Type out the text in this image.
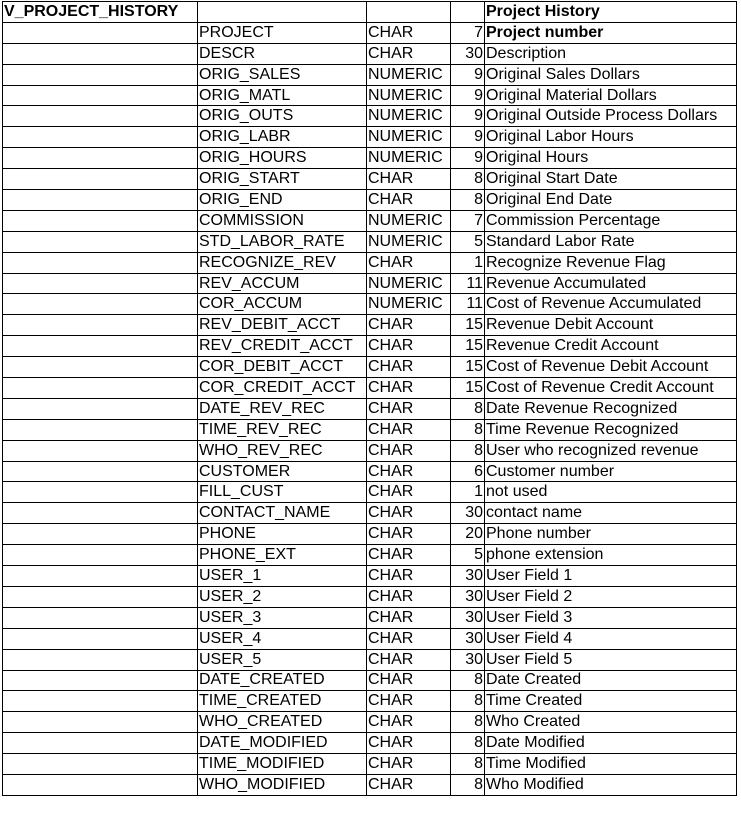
V_PROJECT_HISTORY				Project History
	PROJECT	CHAR	7	Project number
	DESCR	CHAR	30	Description
	ORIG_SALES	NUMERIC	9	Original Sales Dollars
	ORIG_MATL	NUMERIC	9	Original Material Dollars
	ORIG_OUTS	NUMERIC	9	Original Outside Process Dollars
	ORIG_LABR	NUMERIC	9	Original Labor Hours
	ORIG_HOURS	NUMERIC	9	Original Hours
	ORIG_START	CHAR	8	Original Start Date
	ORIG_END	CHAR	8	Original End Date
	COMMISSION	NUMERIC	7	Commission Percentage
	STD_LABOR_RATE	NUMERIC	5	Standard Labor Rate
	RECOGNIZE_REV	CHAR	1	Recognize Revenue Flag
	REV_ACCUM	NUMERIC	11	Revenue Accumulated
	COR_ACCUM	NUMERIC	11	Cost of Revenue Accumulated
	REV_DEBIT_ACCT	CHAR	15	Revenue Debit Account
	REV_CREDIT_ACCT	CHAR	15	Revenue Credit Account
	COR_DEBIT_ACCT	CHAR	15	Cost of Revenue Debit Account
	COR_CREDIT_ACCT	CHAR	15	Cost of Revenue Credit Account
	DATE_REV_REC	CHAR	8	Date Revenue Recognized
	TIME_REV_REC	CHAR	8	Time Revenue Recognized
	WHO_REV_REC	CHAR	8	User who recognized revenue
	CUSTOMER	CHAR	6	Customer number
	FILL_CUST	CHAR	1	not used
	CONTACT_NAME	CHAR	30	contact name
	PHONE	CHAR	20	Phone number
	PHONE_EXT	CHAR	5	phone extension
	USER_1	CHAR	30	User Field 1
	USER_2	CHAR	30	User Field 2
	USER_3	CHAR	30	User Field 3
	USER_4	CHAR	30	User Field 4
	USER_5	CHAR	30	User Field 5
	DATE_CREATED	CHAR	8	Date Created
	TIME_CREATED	CHAR	8	Time Created
	WHO_CREATED	CHAR	8	Who Created
	DATE_MODIFIED	CHAR	8	Date Modified
	TIME_MODIFIED	CHAR	8	Time Modified
	WHO_MODIFIED	CHAR	8	Who Modified
